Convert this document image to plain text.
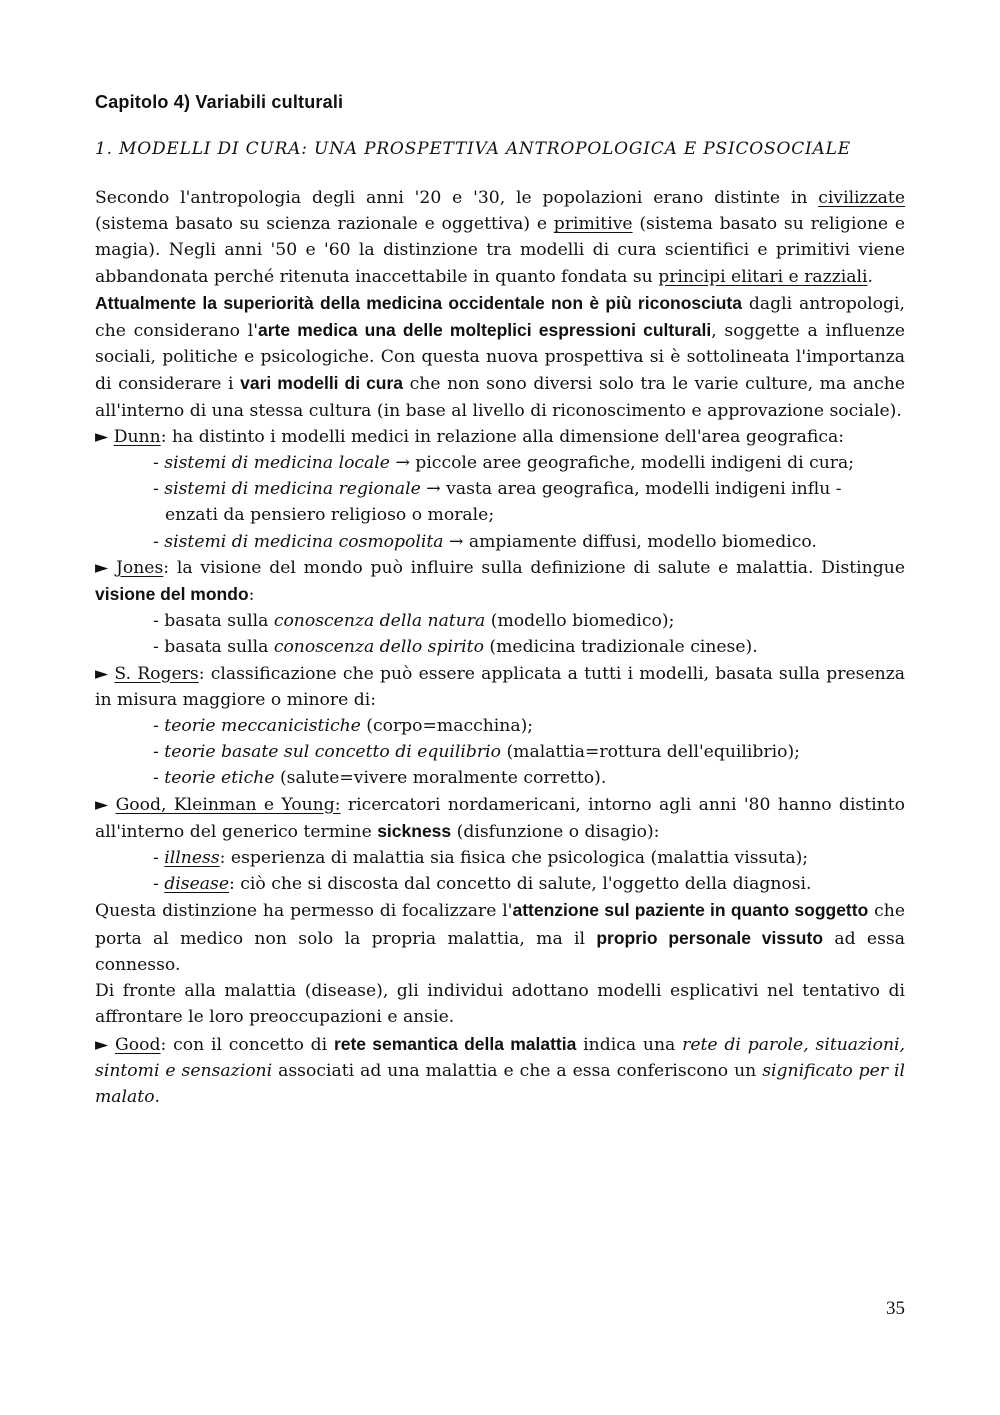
Capitolo 4) Variabili culturali
1. MODELLI DI CURA: UNA PROSPETTIVA ANTROPOLOGICA E PSICOSOCIALE

Secondo l'antropologia degli anni '20 e '30, le popolazioni erano distinte in civilizzate (sistema basato su scienza razionale e oggettiva) e primitive (sistema basato su religione e magia). Negli anni '50 e '60 la distinzione tra modelli di cura scientifici e primitivi viene abbandonata perché ritenuta inaccettabile in quanto fondata su principi elitari e razziali.

Attualmente la superiorità della medicina occidentale non è più riconosciuta dagli antropologi, che considerano l'arte medica una delle molteplici espressioni culturali, soggette a influenze sociali, politiche e psicologiche. Con questa nuova prospettiva si è sottolineata l'importanza di considerare i vari modelli di cura che non sono diversi solo tra le varie culture, ma anche all'interno di una stessa cultura (in base al livello di riconoscimento e approvazione sociale).

► Dunn: ha distinto i modelli medici in relazione alla dimensione dell'area geografica:

- sistemi di medicina locale → piccole aree geografiche, modelli indigeni di cura;

- sistemi di medicina regionale → vasta area geografica, modelli indigeni influ -

enzati da pensiero religioso o morale;

- sistemi di medicina cosmopolita → ampiamente diffusi, modello biomedico.

► Jones: la visione del mondo può influire sulla definizione di salute e malattia. Distingue visione del mondo:

- basata sulla conoscenza della natura (modello biomedico);

- basata sulla conoscenza dello spirito (medicina tradizionale cinese).

► S. Rogers: classificazione che può essere applicata a tutti i modelli, basata sulla presenza in misura maggiore o minore di:

- teorie meccanicistiche (corpo=macchina);

- teorie basate sul concetto di equilibrio (malattia=rottura dell'equilibrio);

- teorie etiche (salute=vivere moralmente corretto).

► Good, Kleinman e Young: ricercatori nordamericani, intorno agli anni '80 hanno distinto all'interno del generico termine sickness (disfunzione o disagio):

- illness: esperienza di malattia sia fisica che psicologica (malattia vissuta);

- disease: ciò che si discosta dal concetto di salute, l'oggetto della diagnosi.

Questa distinzione ha permesso di focalizzare l'attenzione sul paziente in quanto soggetto che porta al medico non solo la propria malattia, ma il proprio personale vissuto ad essa connesso.

Di fronte alla malattia (disease), gli individui adottano modelli esplicativi nel tentativo di affrontare le loro preoccupazioni e ansie.

► Good: con il concetto di rete semantica della malattia indica una rete di parole, situazioni, sintomi e sensazioni associati ad una malattia e che a essa conferiscono un significato per il malato.

35
